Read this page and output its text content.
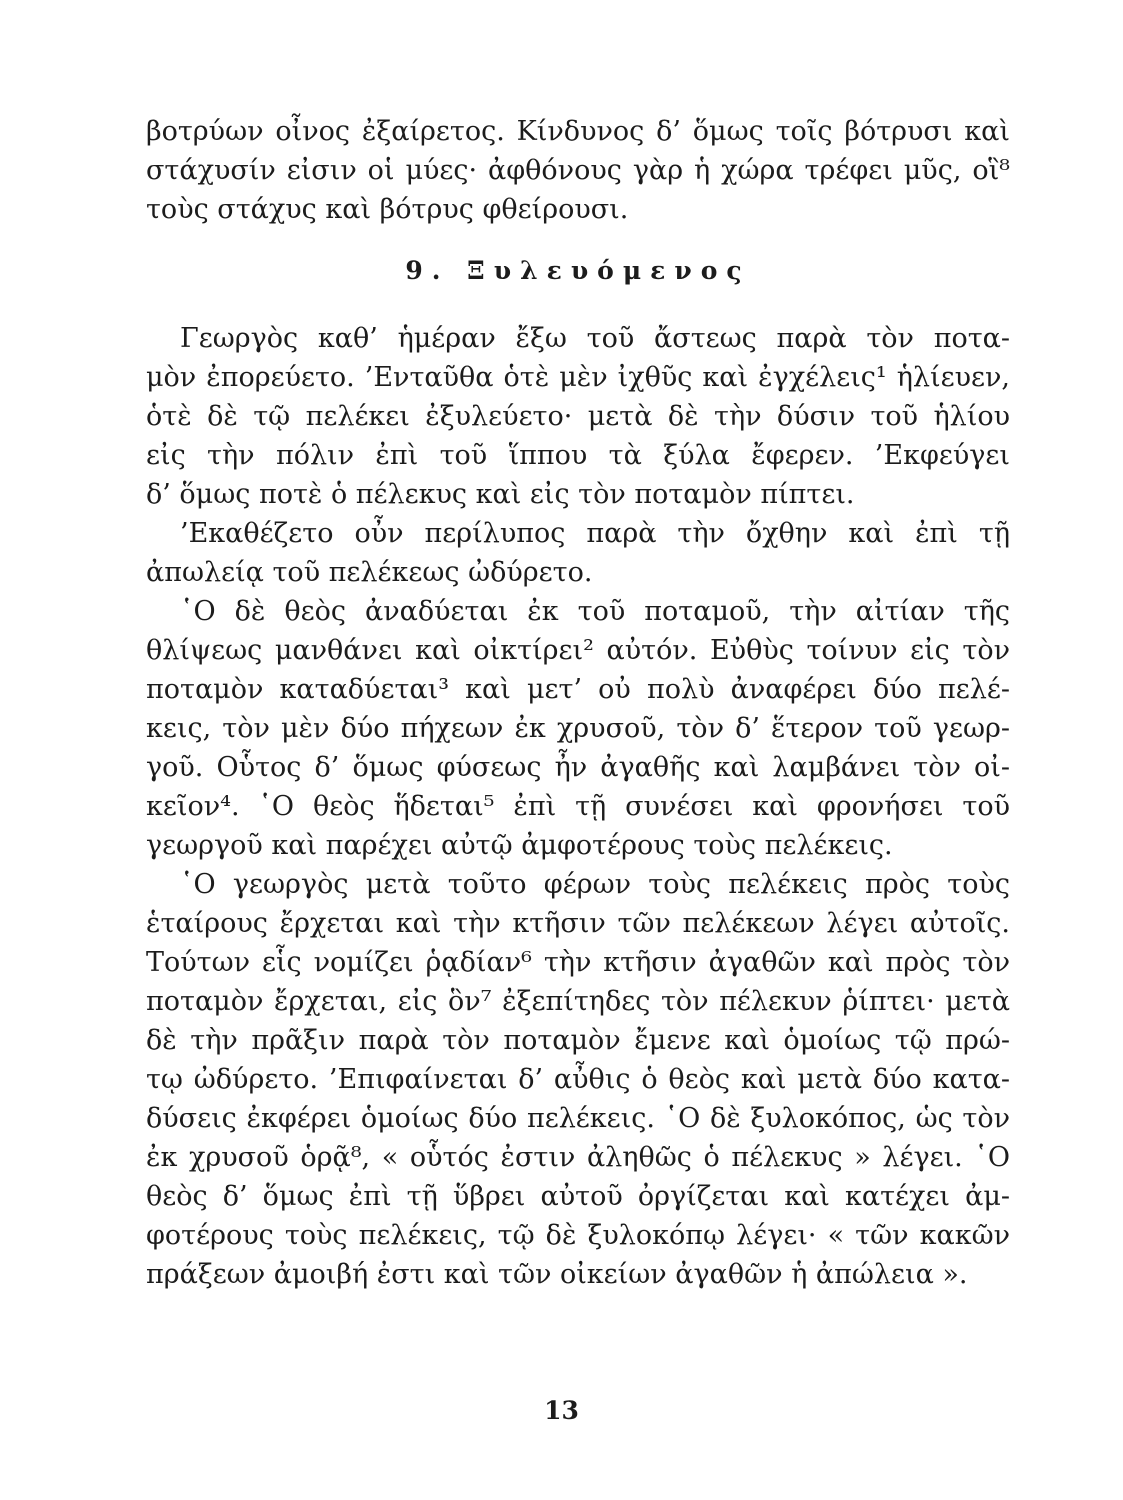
βοτρύων οἶνος ἐξαίρετος. Κίνδυνος δ’ ὅμως τοῖς βότρυσι καὶ
στάχυσίν εἰσιν οἱ μύες· ἀφθόνους γὰρ ἡ χώρα τρέφει μῦς, οἳ⁸
τοὺς στάχυς καὶ βότρυς φθείρουσι.
9. Ξυλευόμενος
Γεωργὸς καθ’ ἡμέραν ἔξω τοῦ ἄστεως παρὰ τὸν ποτα-
μὸν ἐπορεύετο. ’Ενταῦθα ὁτὲ μὲν ἰχθῦς καὶ ἐγχέλεις¹ ἡλίευεν,
ὁτὲ δὲ τῷ πελέκει ἐξυλεύετο· μετὰ δὲ τὴν δύσιν τοῦ ἡλίου
εἰς τὴν πόλιν ἐπὶ τοῦ ἵππου τὰ ξύλα ἔφερεν. ’Εκφεύγει
δ’ ὅμως ποτὲ ὁ πέλεκυς καὶ εἰς τὸν ποταμὸν πίπτει.
’Εκαθέζετο οὖν περίλυπος παρὰ τὴν ὄχθην καὶ ἐπὶ τῇ
ἀπωλείᾳ τοῦ πελέκεως ὠδύρετο.
῾Ο δὲ θεὸς ἀναδύεται ἐκ τοῦ ποταμοῦ, τὴν αἰτίαν τῆς
θλίψεως μανθάνει καὶ οἰκτίρει² αὐτόν. Εὐθὺς τοίνυν εἰς τὸν
ποταμὸν καταδύεται³ καὶ μετ’ οὐ πολὺ ἀναφέρει δύο πελέ-
κεις, τὸν μὲν δύο πήχεων ἐκ χρυσοῦ, τὸν δ’ ἕτερον τοῦ γεωρ-
γοῦ. Οὗτος δ’ ὅμως φύσεως ἦν ἀγαθῆς καὶ λαμβάνει τὸν οἰ-
κεῖον⁴. ῾Ο θεὸς ἥδεται⁵ ἐπὶ τῇ συνέσει καὶ φρονήσει τοῦ
γεωργοῦ καὶ παρέχει αὐτῷ ἀμφοτέρους τοὺς πελέκεις.
῾Ο γεωργὸς μετὰ τοῦτο φέρων τοὺς πελέκεις πρὸς τοὺς
ἑταίρους ἔρχεται καὶ τὴν κτῆσιν τῶν πελέκεων λέγει αὐτοῖς.
Τούτων εἷς νομίζει ῥᾳδίαν⁶ τὴν κτῆσιν ἀγαθῶν καὶ πρὸς τὸν
ποταμὸν ἔρχεται, εἰς ὃν⁷ ἐξεπίτηδες τὸν πέλεκυν ῥίπτει· μετὰ
δὲ τὴν πρᾶξιν παρὰ τὸν ποταμὸν ἔμενε καὶ ὁμοίως τῷ πρώ-
τῳ ὠδύρετο. ’Επιφαίνεται δ’ αὖθις ὁ θεὸς καὶ μετὰ δύο κατα-
δύσεις ἐκφέρει ὁμοίως δύο πελέκεις. ῾Ο δὲ ξυλοκόπος, ὡς τὸν
ἐκ χρυσοῦ ὁρᾷ⁸, « οὗτός ἐστιν ἀληθῶς ὁ πέλεκυς » λέγει. ῾Ο
θεὸς δ’ ὅμως ἐπὶ τῇ ὕβρει αὐτοῦ ὀργίζεται καὶ κατέχει ἀμ-
φοτέρους τοὺς πελέκεις, τῷ δὲ ξυλοκόπῳ λέγει· « τῶν κακῶν
πράξεων ἀμοιβή ἐστι καὶ τῶν οἰκείων ἀγαθῶν ἡ ἀπώλεια ».
13
